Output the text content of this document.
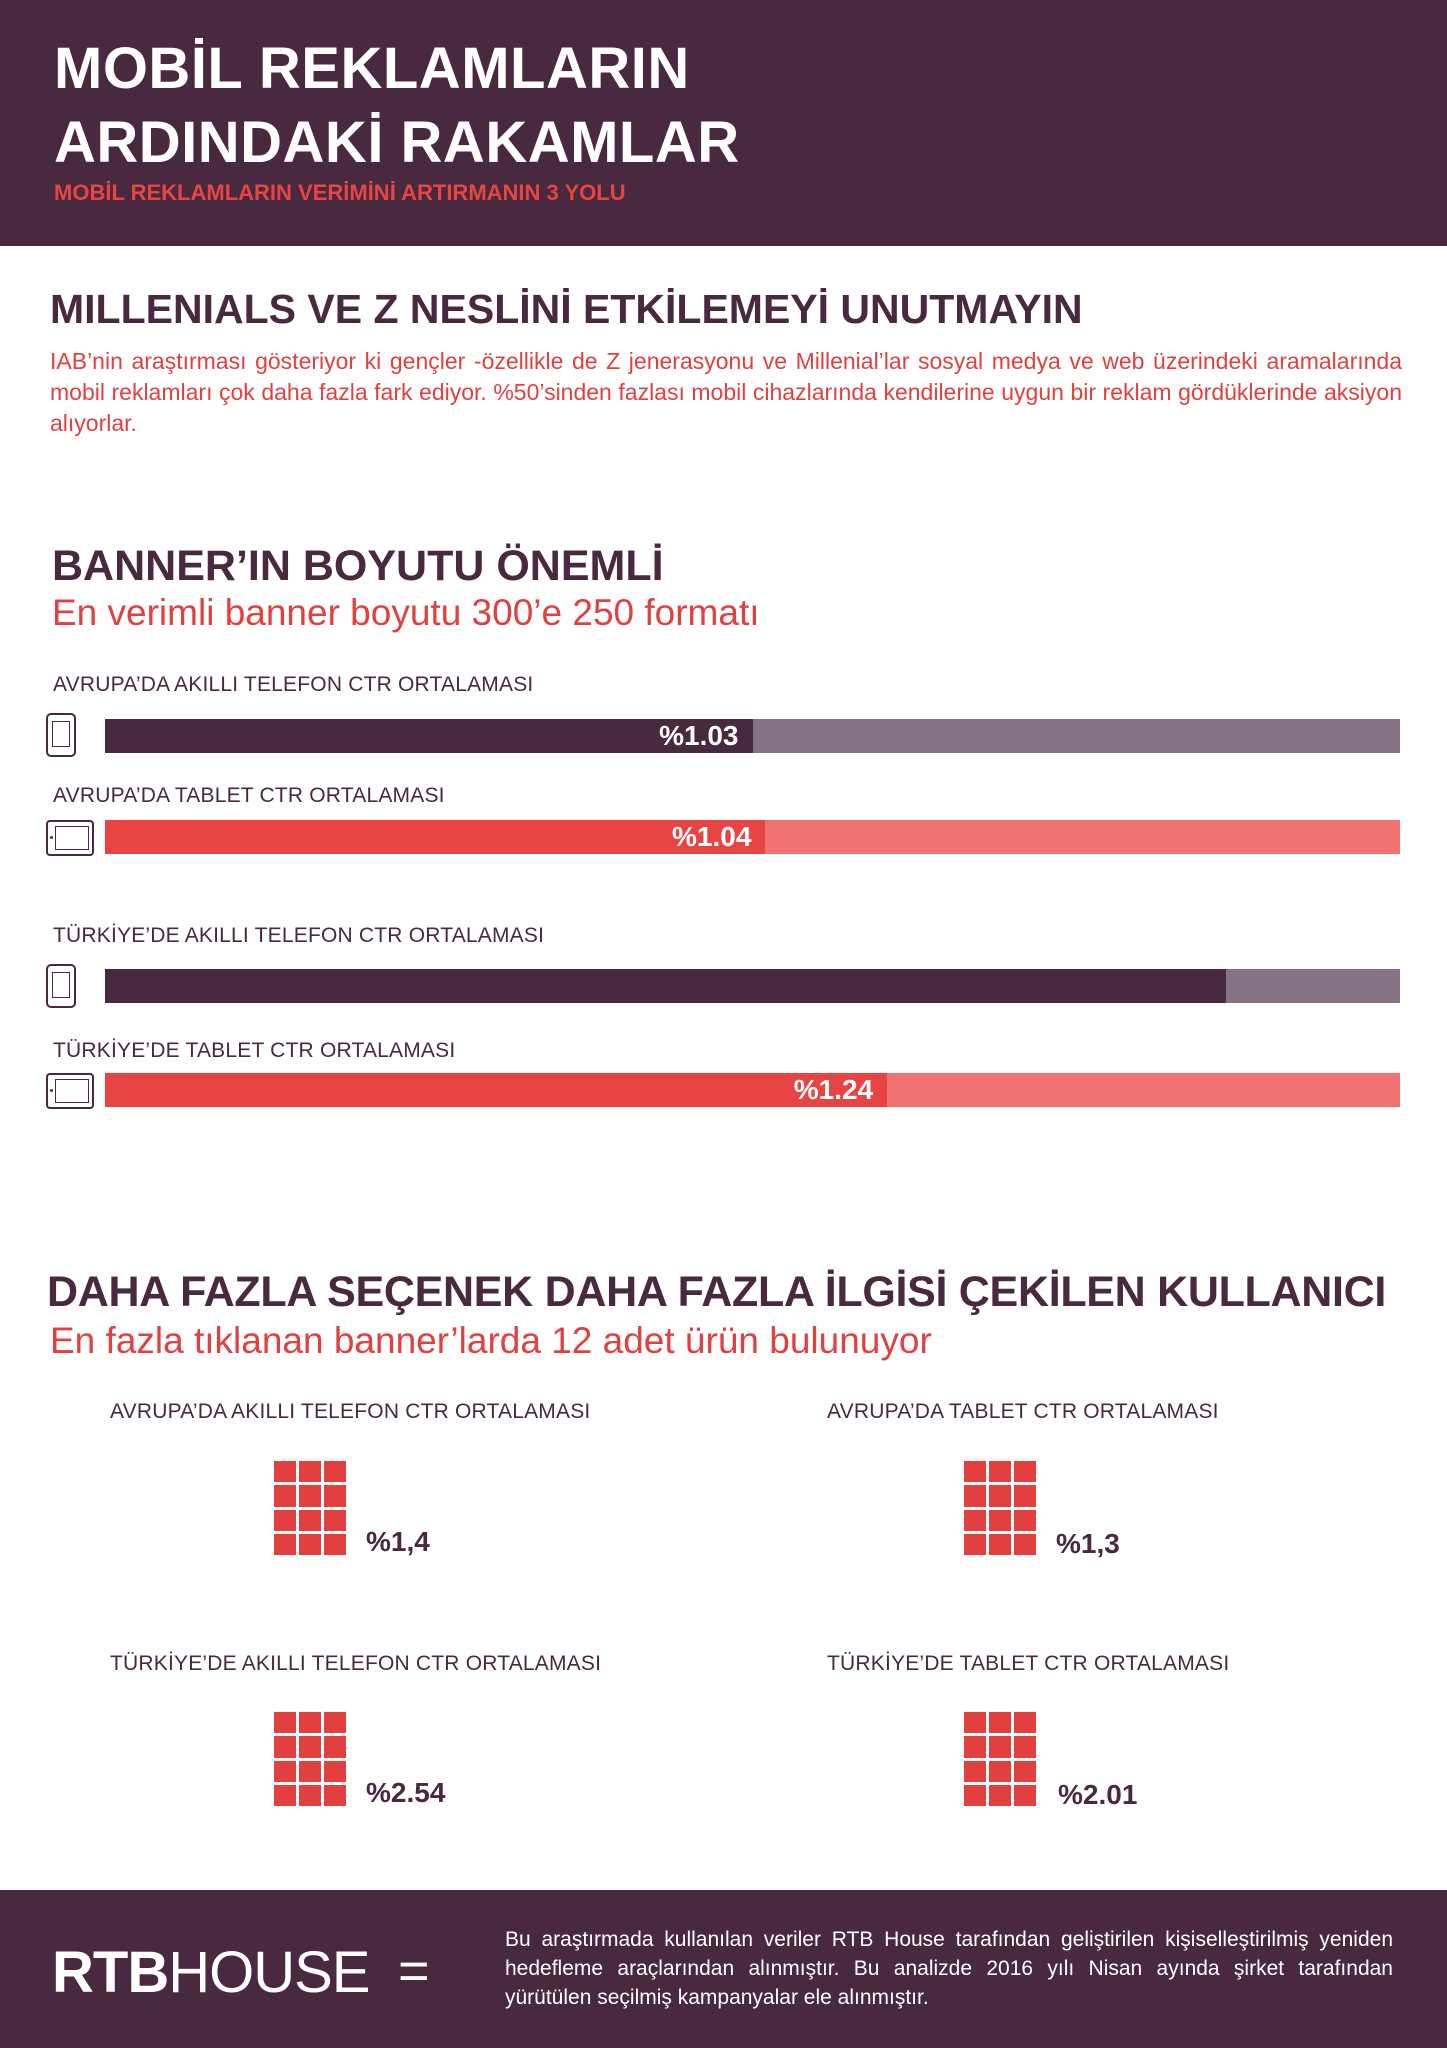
MOBİL REKLAMLARIN
ARDINDAKİ RAKAMLAR
MOBİL REKLAMLARIN VERİMİNİ ARTIRMANIN 3 YOLU
MILLENIALS VE Z NESLİNİ ETKİLEMEYİ UNUTMAYIN
IAB’nin araştırması gösteriyor ki gençler -özellikle de Z jenerasyonu ve Millenial’lar sosyal medya ve web üzerindeki aramalarında mobil reklamları çok daha fazla fark ediyor. %50’sinden fazlası mobil cihazlarında kendilerine uygun bir reklam gördüklerinde aksiyon alıyorlar.
BANNER’IN BOYUTU ÖNEMLİ
En verimli banner boyutu 300’e 250 formatı
AVRUPA’DA AKILLI TELEFON CTR ORTALAMASI
%1.03
AVRUPA’DA TABLET CTR ORTALAMASI
%1.04
TÜRKİYE’DE AKILLI TELEFON CTR ORTALAMASI
TÜRKİYE’DE TABLET CTR ORTALAMASI
%1.24
DAHA FAZLA SEÇENEK DAHA FAZLA İLGİSİ ÇEKİLEN KULLANICI
En fazla tıklanan banner’larda 12 adet ürün bulunuyor
AVRUPA’DA AKILLI TELEFON CTR ORTALAMASI
%1,4
AVRUPA’DA TABLET CTR ORTALAMASI
%1,3
TÜRKİYE’DE AKILLI TELEFON CTR ORTALAMASI
%2.54
TÜRKİYE’DE TABLET CTR ORTALAMASI
%2.01
RTBHOUSE =
Bu araştırmada kullanılan veriler RTB House tarafından geliştirilen kişiselleştirilmiş yeniden hedefleme araçlarından alınmıştır. Bu analizde 2016 yılı Nisan ayında şirket tarafından yürütülen seçilmiş kampanyalar ele alınmıştır.
